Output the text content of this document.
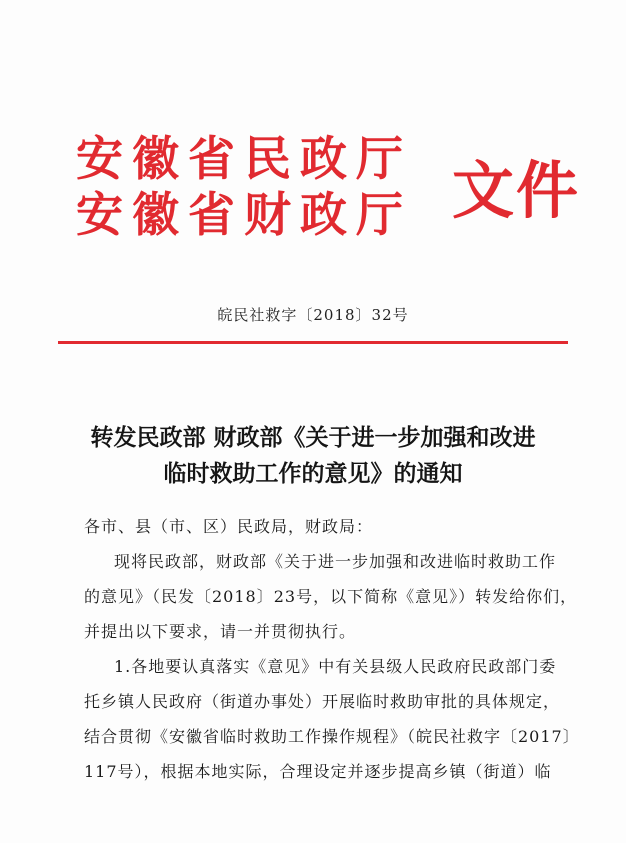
安徽省民政厅
安徽省财政厅 文件
皖民社救字〔2018〕32号
转发民政部 财政部《关于进一步加强和改进
临时救助工作的意见》的通知
各市、县（市、区）民政局，财政局：
现将民政部，财政部《关于进一步加强和改进临时救助工作
的意见》（民发〔2018〕23号，以下简称《意见》）转发给你们，
并提出以下要求，请一并贯彻执行。
1.各地要认真落实《意见》中有关县级人民政府民政部门委
托乡镇人民政府（街道办事处）开展临时救助审批的具体规定，
结合贯彻《安徽省临时救助工作操作规程》（皖民社救字〔2017〕
117号），根据本地实际，合理设定并逐步提高乡镇（街道）临
